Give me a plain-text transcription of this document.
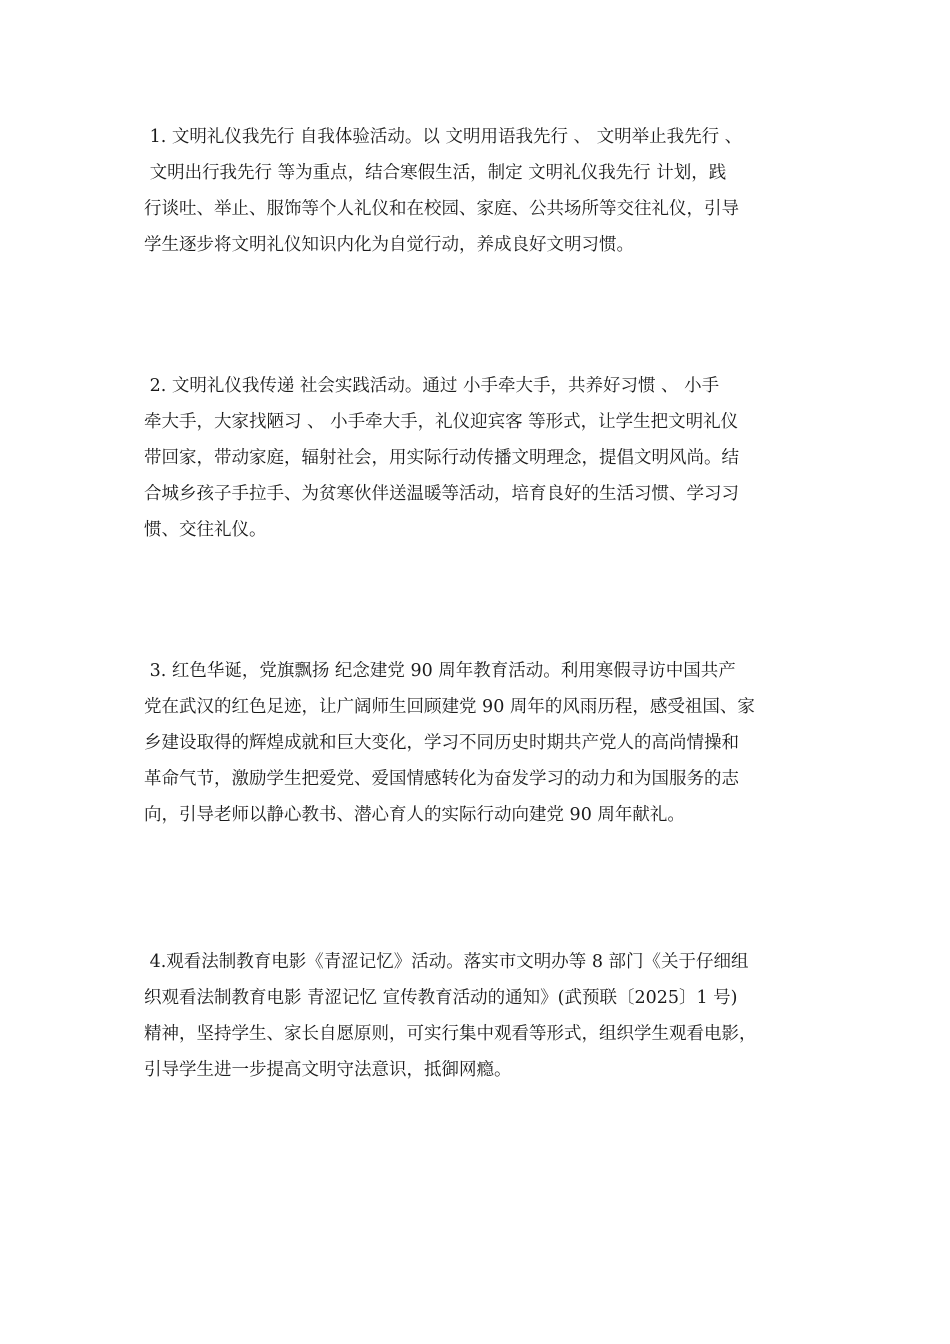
1. 文明礼仪我先行 自我体验活动。以 文明用语我先行 、 文明举止我先行 、
文明出行我先行 等为重点，结合寒假生活，制定 文明礼仪我先行 计划，践
行谈吐、举止、服饰等个人礼仪和在校园、家庭、公共场所等交往礼仪，引导
学生逐步将文明礼仪知识内化为自觉行动，养成良好文明习惯。
2. 文明礼仪我传递 社会实践活动。通过 小手牵大手，共养好习惯 、 小手
牵大手，大家找陋习 、 小手牵大手，礼仪迎宾客 等形式，让学生把文明礼仪
带回家，带动家庭，辐射社会，用实际行动传播文明理念，提倡文明风尚。结
合城乡孩子手拉手、为贫寒伙伴送温暖等活动，培育良好的生活习惯、学习习
惯、交往礼仪。
3. 红色华诞，党旗飘扬 纪念建党 90 周年教育活动。利用寒假寻访中国共产
党在武汉的红色足迹，让广阔师生回顾建党 90 周年的风雨历程，感受祖国、家
乡建设取得的辉煌成就和巨大变化，学习不同历史时期共产党人的高尚情操和
革命气节，激励学生把爱党、爱国情感转化为奋发学习的动力和为国服务的志
向，引导老师以静心教书、潜心育人的实际行动向建党 90 周年献礼。
4.观看法制教育电影《青涩记忆》活动。落实市文明办等 8 部门《关于仔细组
织观看法制教育电影 青涩记忆 宣传教育活动的通知》(武预联〔2025〕1 号)
精神，坚持学生、家长自愿原则，可实行集中观看等形式，组织学生观看电影，
引导学生进一步提高文明守法意识，抵御网瘾。
